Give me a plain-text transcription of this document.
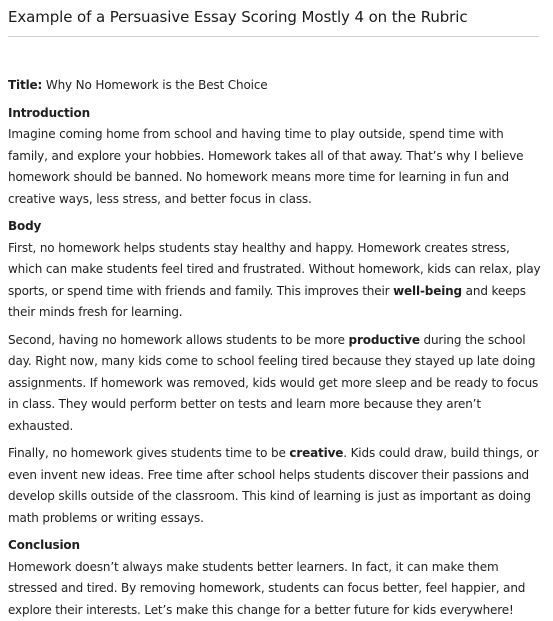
Example of a Persuasive Essay Scoring Mostly 4 on the Rubric

Title: Why No Homework is the Best Choice

Introduction

Imagine coming home from school and having time to play outside, spend time with family, and explore your hobbies. Homework takes all of that away. That’s why I believe homework should be banned. No homework means more time for learning in fun and creative ways, less stress, and better focus in class.

Body

First, no homework helps students stay healthy and happy. Homework creates stress, which can make students feel tired and frustrated. Without homework, kids can relax, play sports, or spend time with friends and family. This improves their well-being and keeps their minds fresh for learning.

Second, having no homework allows students to be more productive during the school day. Right now, many kids come to school feeling tired because they stayed up late doing assignments. If homework was removed, kids would get more sleep and be ready to focus in class. They would perform better on tests and learn more because they aren’t exhausted.

Finally, no homework gives students time to be creative. Kids could draw, build things, or even invent new ideas. Free time after school helps students discover their passions and develop skills outside of the classroom. This kind of learning is just as important as doing math problems or writing essays.

Conclusion

Homework doesn’t always make students better learners. In fact, it can make them stressed and tired. By removing homework, students can focus better, feel happier, and explore their interests. Let’s make this change for a better future for kids everywhere!
